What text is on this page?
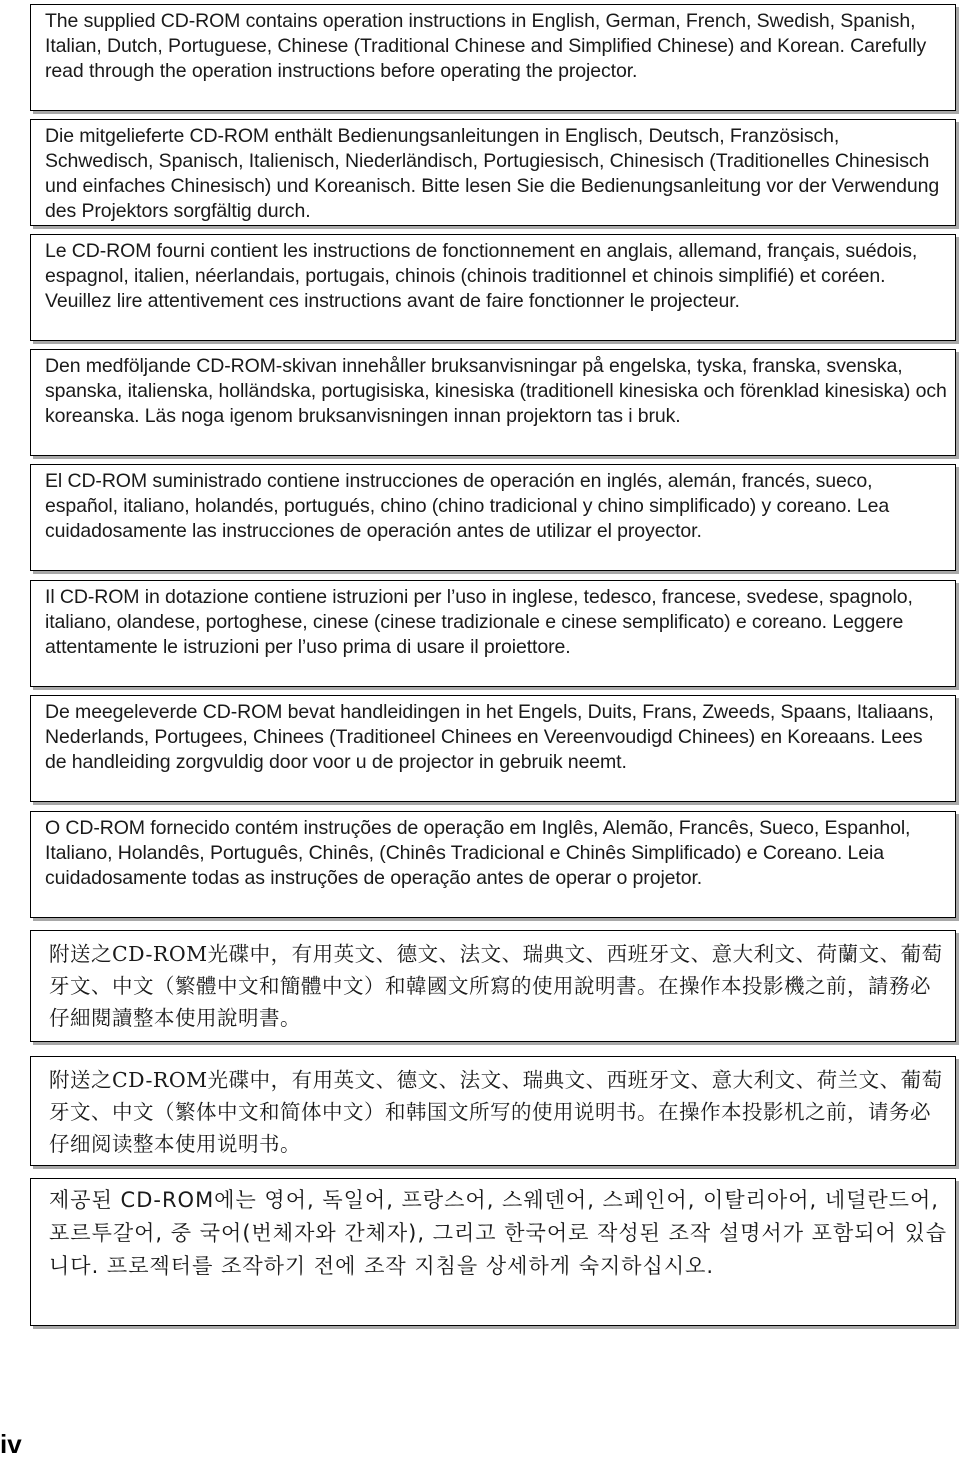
The supplied CD-ROM contains operation instructions in English, German, French, Swedish, Spanish, Italian, Dutch, Portuguese, Chinese (Traditional Chinese and Simplified Chinese) and Korean. Carefully read through the operation instructions before operating the projector.

Die mitgelieferte CD-ROM enthält Bedienungsanleitungen in Englisch, Deutsch, Französisch, Schwedisch, Spanisch, Italienisch, Niederländisch, Portugiesisch, Chinesisch (Traditionelles Chinesisch und einfaches Chinesisch) und Koreanisch. Bitte lesen Sie die Bedienungsanleitung vor der Verwendung des Projektors sorgfältig durch.

Le CD-ROM fourni contient les instructions de fonctionnement en anglais, allemand, français, suédois, espagnol, italien, néerlandais, portugais, chinois (chinois traditionnel et chinois simplifié) et coréen. Veuillez lire attentivement ces instructions avant de faire fonctionner le projecteur.

Den medföljande CD-ROM-skivan innehåller bruksanvisningar på engelska, tyska, franska, svenska, spanska, italienska, holländska, portugisiska, kinesiska (traditionell kinesiska och förenklad kinesiska) och koreanska. Läs noga igenom bruksanvisningen innan projektorn tas i bruk.

El CD-ROM suministrado contiene instrucciones de operación en inglés, alemán, francés, sueco, español, italiano, holandés, portugués, chino (chino tradicional y chino simplificado) y coreano. Lea cuidadosamente las instrucciones de operación antes de utilizar el proyector.

Il CD-ROM in dotazione contiene istruzioni per l’uso in inglese, tedesco, francese, svedese, spagnolo, italiano, olandese, portoghese, cinese (cinese tradizionale e cinese semplificato) e coreano. Leggere attentamente le istruzioni per l’uso prima di usare il proiettore.

De meegeleverde CD-ROM bevat handleidingen in het Engels, Duits, Frans, Zweeds, Spaans, Italiaans, Nederlands, Portugees, Chinees (Traditioneel Chinees en Vereenvoudigd Chinees) en Koreaans. Lees de handleiding zorgvuldig door voor u de projector in gebruik neemt.

O CD-ROM fornecido contém instruções de operação em Inglês, Alemão, Francês, Sueco, Espanhol, Italiano, Holandês, Português, Chinês, (Chinês Tradicional e Chinês Simplificado) e Coreano. Leia cuidadosamente todas as instruções de operação antes de operar o projetor.

附送之CD-ROM光碟中，有用英文、德文、法文、瑞典文、西班牙文、意大利文、荷蘭文、葡萄牙文、中文（繁體中文和簡體中文）和韓國文所寫的使用說明書。在操作本投影機之前，請務必仔細閱讀整本使用說明書。

附送之CD-ROM光碟中，有用英文、德文、法文、瑞典文、西班牙文、意大利文、荷兰文、葡萄牙文、中文（繁体中文和简体中文）和韩国文所写的使用说明书。在操作本投影机之前，请务必仔细阅读整本使用说明书。

제공된 CD-ROM에는 영어, 독일어, 프랑스어, 스웨덴어, 스페인어, 이탈리아어, 네덜란드어, 포르투갈어, 중 국어(번체자와 간체자), 그리고 한국어로 작성된 조작 설명서가 포함되어 있습니다. 프로젝터를 조작하기 전에 조작 지침을 상세하게 숙지하십시오.

iv
